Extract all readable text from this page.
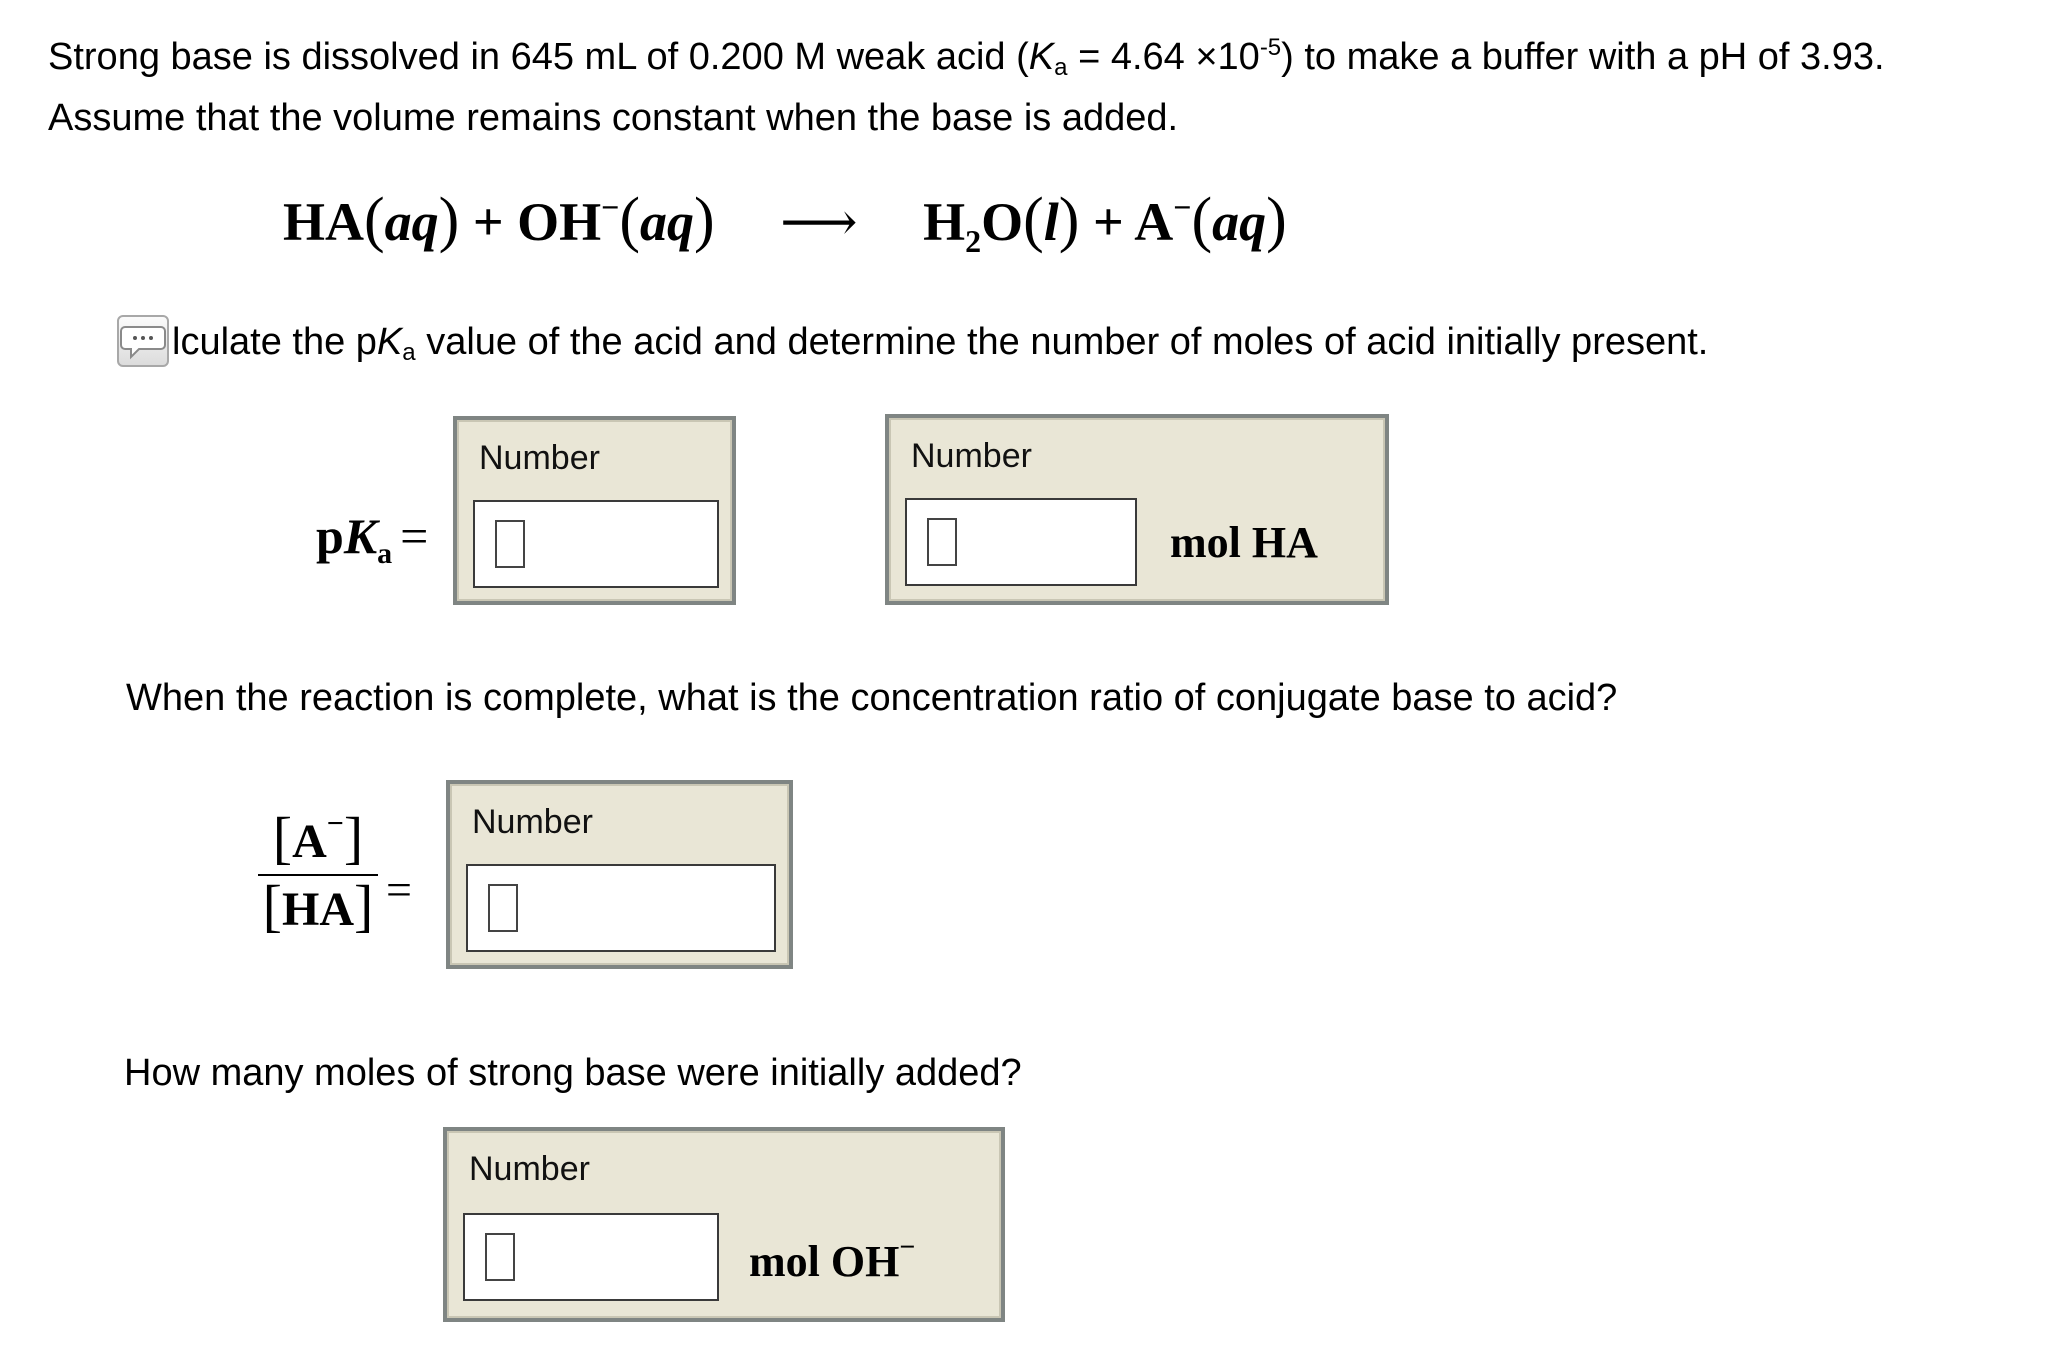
Strong base is dissolved in 645 mL of 0.200 M weak acid $(K_a = 4.64 \times 10^{-5})$ to make a buffer with a pH of 3.93.
Assume that the volume remains constant when the base is added.
HA(aq) + OH−(aq) ⟶ $H_2O(l) + A^-(aq)$
lculate the $pK_a$ value of the acid and determine the number of moles of acid initially present.
$pK_a$ =
Number	Number
mol HA
When the reaction is complete, what is the concentration ratio of conjugate base to acid?
$\frac{[A^-]}{[HA]}$ =
Number
How many moles of strong base were initially added?
Number
mol OH−
